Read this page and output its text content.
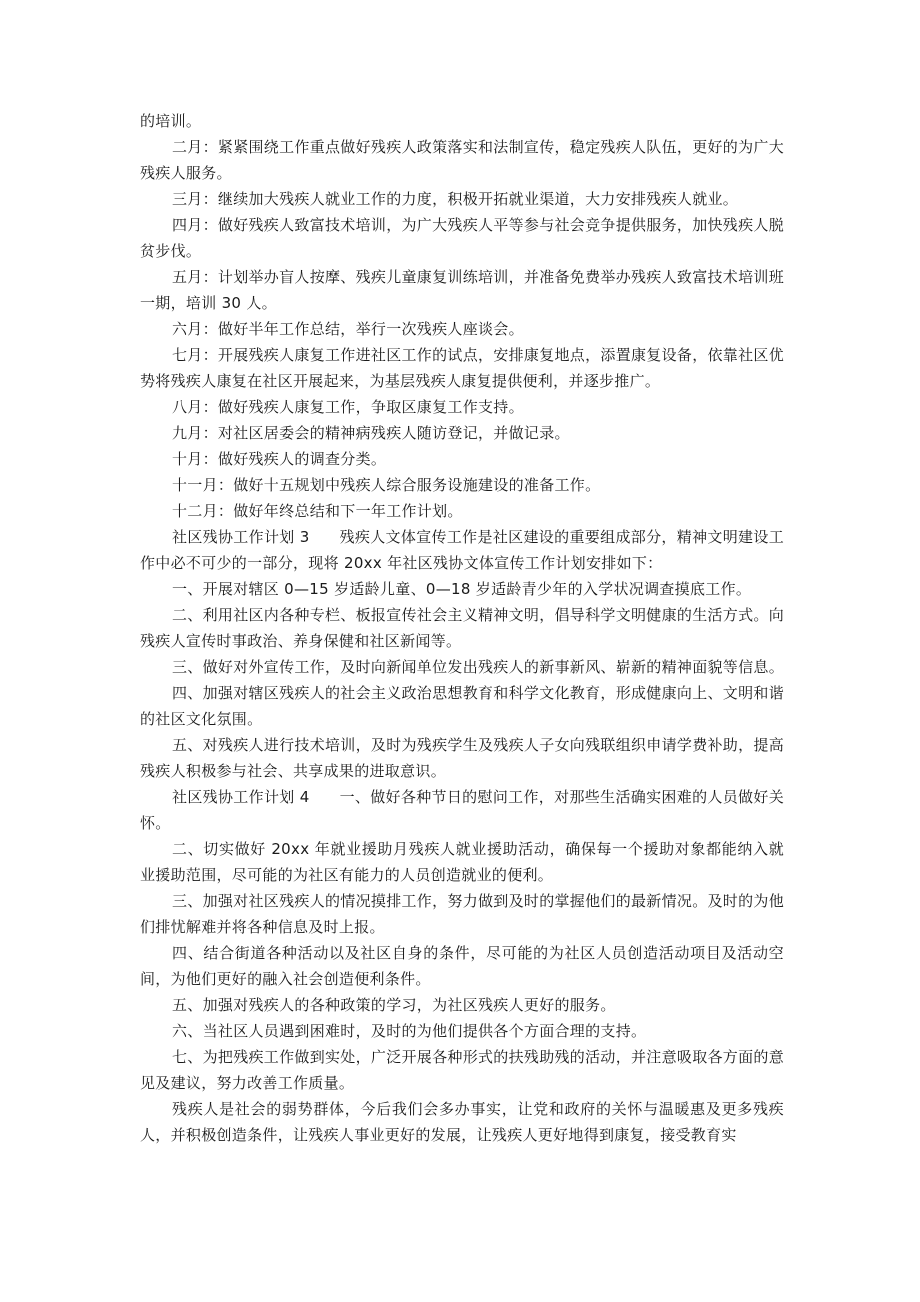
的培训。

二月：紧紧围绕工作重点做好残疾人政策落实和法制宣传，稳定残疾人队伍，更好的为广大残疾人服务。

三月：继续加大残疾人就业工作的力度，积极开拓就业渠道，大力安排残疾人就业。

四月：做好残疾人致富技术培训，为广大残疾人平等参与社会竞争提供服务，加快残疾人脱贫步伐。

五月：计划举办盲人按摩、残疾儿童康复训练培训，并准备免费举办残疾人致富技术培训班一期，培训 30 人。

六月：做好半年工作总结，举行一次残疾人座谈会。

七月：开展残疾人康复工作进社区工作的试点，安排康复地点，添置康复设备，依靠社区优势将残疾人康复在社区开展起来，为基层残疾人康复提供便利，并逐步推广。

八月：做好残疾人康复工作，争取区康复工作支持。

九月：对社区居委会的精神病残疾人随访登记，并做记录。

十月：做好残疾人的调查分类。

十一月：做好十五规划中残疾人综合服务设施建设的准备工作。

十二月：做好年终总结和下一年工作计划。

社区残协工作计划 3 残疾人文体宣传工作是社区建设的重要组成部分，精神文明建设工作中必不可少的一部分，现将 20xx 年社区残协文体宣传工作计划安排如下：

一、开展对辖区 0—15 岁适龄儿童、0—18 岁适龄青少年的入学状况调查摸底工作。

二、利用社区内各种专栏、板报宣传社会主义精神文明，倡导科学文明健康的生活方式。向残疾人宣传时事政治、养身保健和社区新闻等。

三、做好对外宣传工作，及时向新闻单位发出残疾人的新事新风、崭新的精神面貌等信息。

四、加强对辖区残疾人的社会主义政治思想教育和科学文化教育，形成健康向上、文明和谐的社区文化氛围。

五、对残疾人进行技术培训，及时为残疾学生及残疾人子女向残联组织申请学费补助，提高残疾人积极参与社会、共享成果的进取意识。

社区残协工作计划 4 一、做好各种节日的慰问工作，对那些生活确实困难的人员做好关怀。

二、切实做好 20xx 年就业援助月残疾人就业援助活动，确保每一个援助对象都能纳入就业援助范围，尽可能的为社区有能力的人员创造就业的便利。

三、加强对社区残疾人的情况摸排工作，努力做到及时的掌握他们的最新情况。及时的为他们排忧解难并将各种信息及时上报。

四、结合街道各种活动以及社区自身的条件，尽可能的为社区人员创造活动项目及活动空间，为他们更好的融入社会创造便利条件。

五、加强对残疾人的各种政策的学习，为社区残疾人更好的服务。

六、当社区人员遇到困难时，及时的为他们提供各个方面合理的支持。

七、为把残疾工作做到实处，广泛开展各种形式的扶残助残的活动，并注意吸取各方面的意见及建议，努力改善工作质量。

残疾人是社会的弱势群体，今后我们会多办事实，让党和政府的关怀与温暖惠及更多残疾人，并积极创造条件，让残疾人事业更好的发展，让残疾人更好地得到康复，接受教育实
